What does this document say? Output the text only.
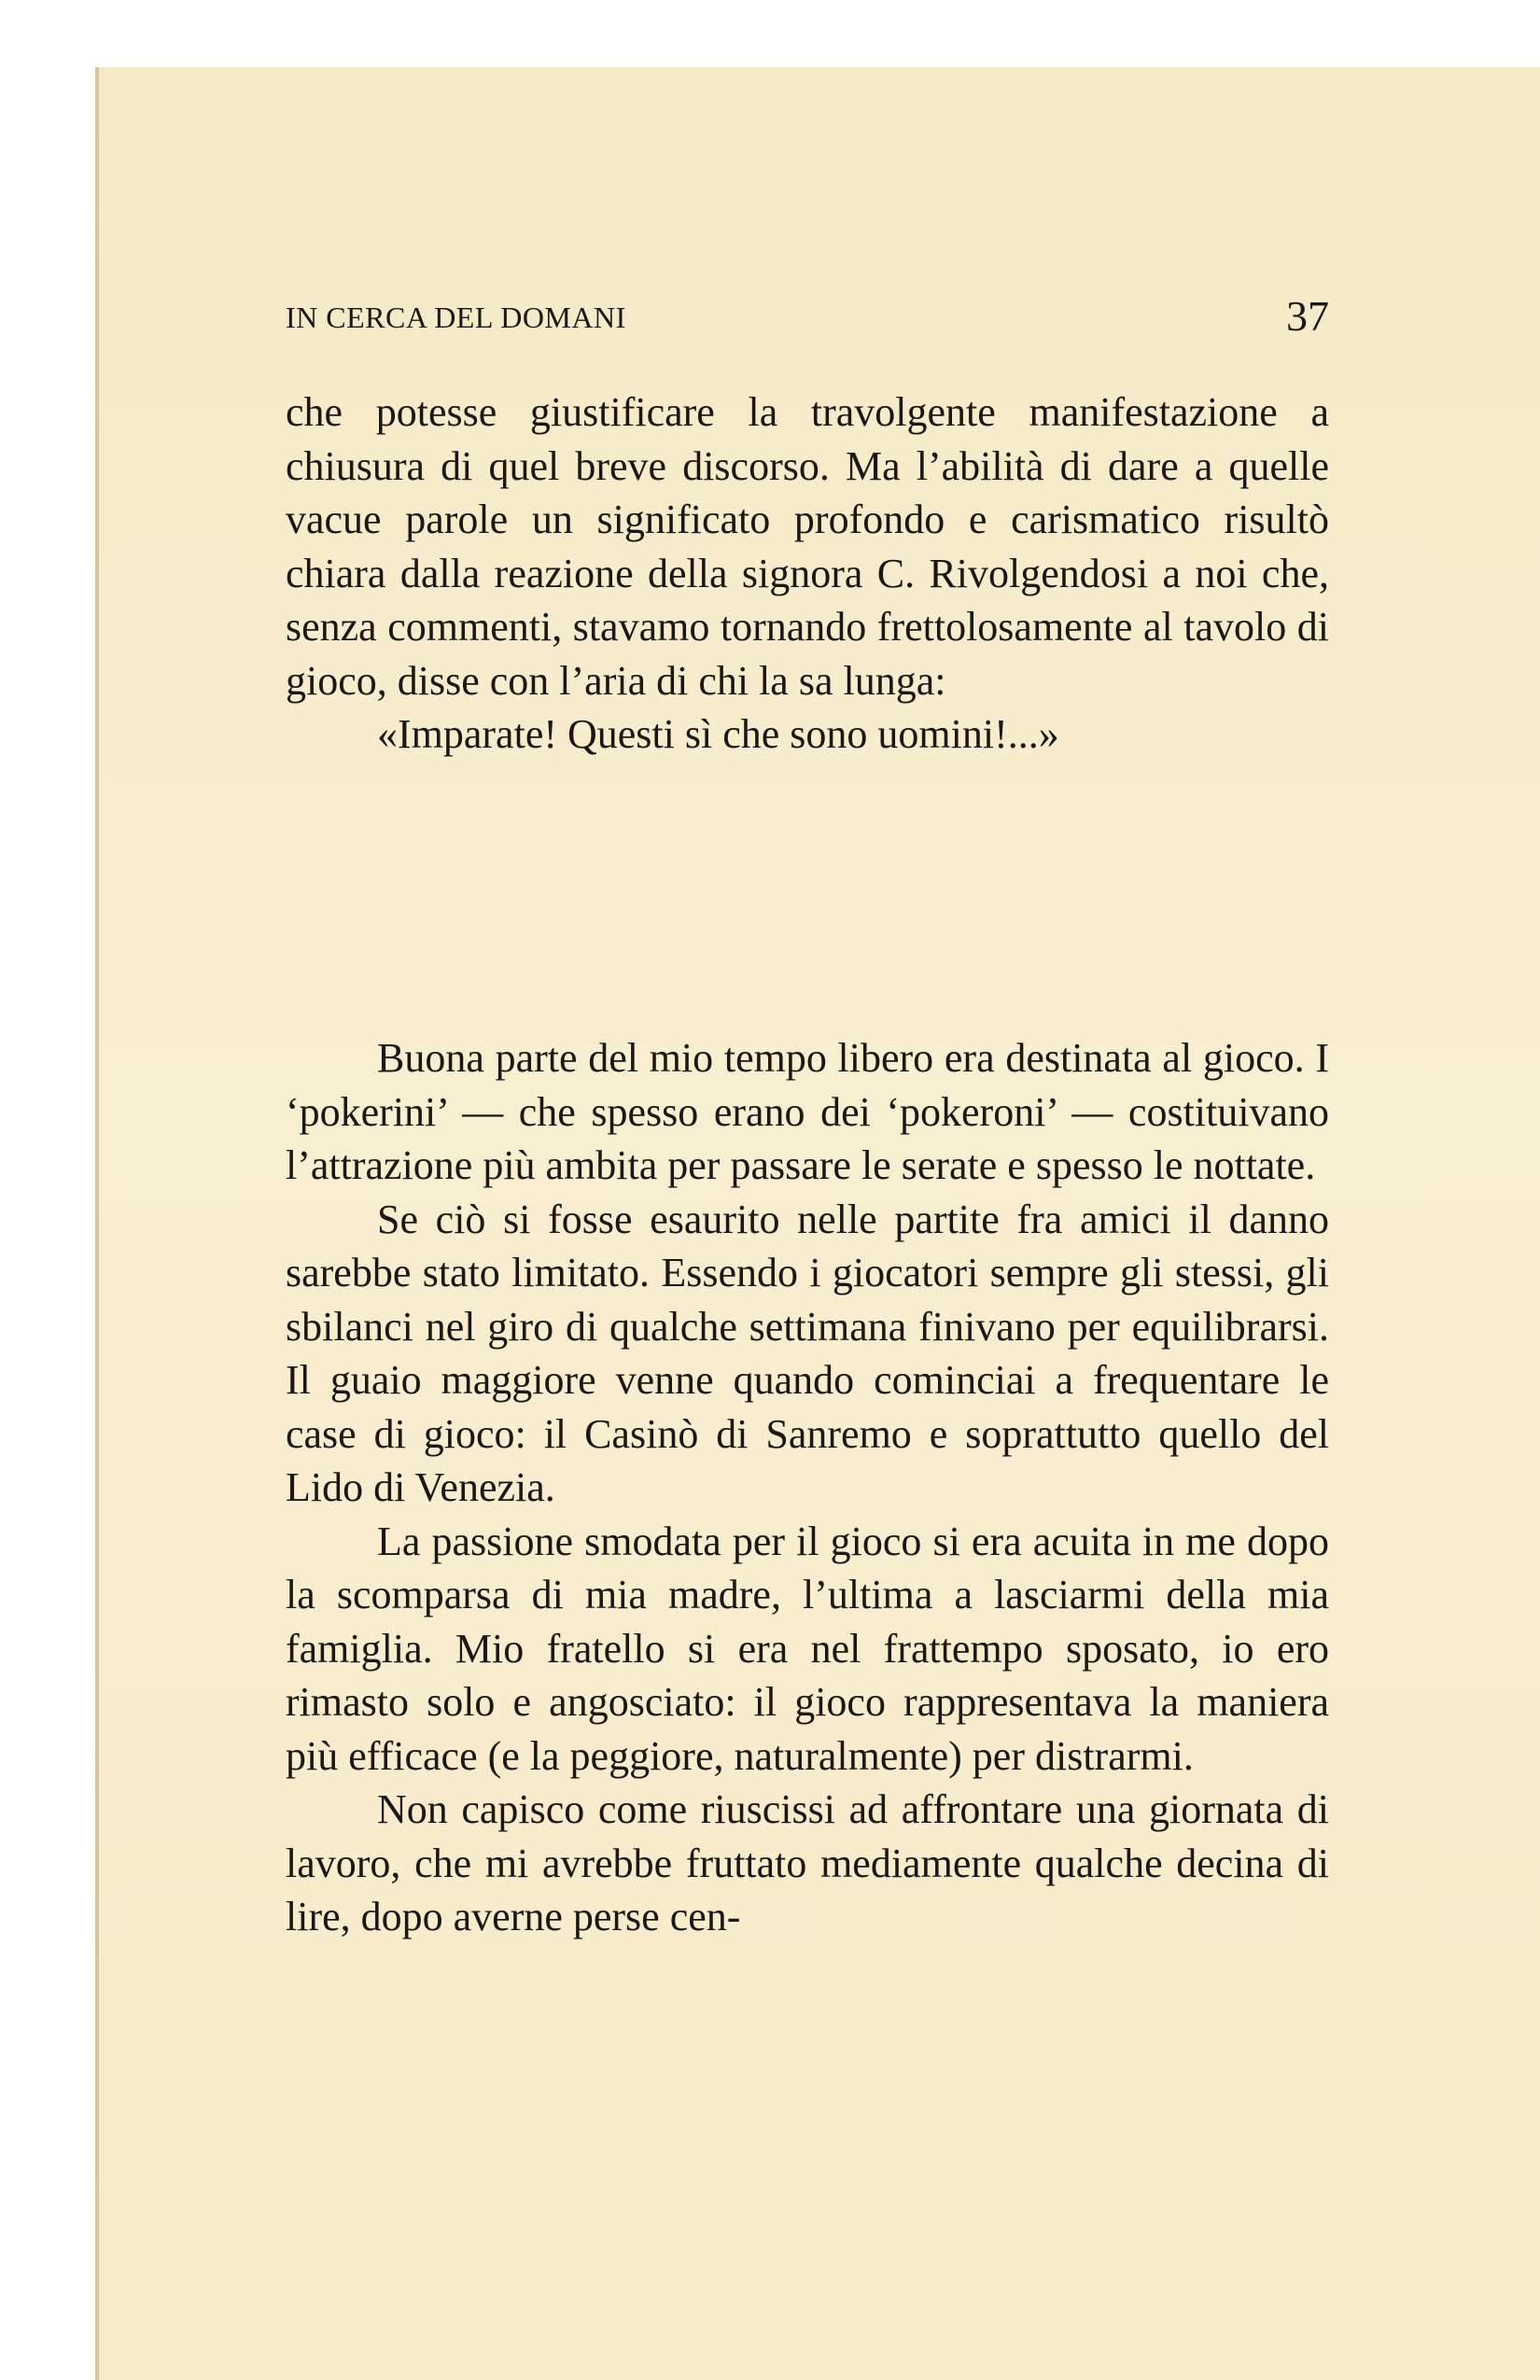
IN CERCA DEL DOMANI	37

che potesse giustificare la travolgente manifestazione a chiusura di quel breve discorso. Ma l’abilità di dare a quelle vacue parole un significato profondo e carismatico risultò chiara dalla reazione della signora C. Rivolgendosi a noi che, senza commenti, stavamo tornando frettolosamente al tavolo di gioco, disse con l’aria di chi la sa lunga:

«Imparate! Questi sì che sono uomini!...»

Buona parte del mio tempo libero era destinata al gioco. I ‘pokerini’ — che spesso erano dei ‘pokeroni’ — costituivano l’attrazione più ambita per passare le serate e spesso le nottate.

Se ciò si fosse esaurito nelle partite fra amici il danno sarebbe stato limitato. Essendo i giocatori sempre gli stessi, gli sbilanci nel giro di qualche settimana finivano per equilibrarsi. Il guaio maggiore venne quando cominciai a frequentare le case di gioco: il Casinò di Sanremo e soprattutto quello del Lido di Venezia.

La passione smodata per il gioco si era acuita in me dopo la scomparsa di mia madre, l’ultima a lasciarmi della mia famiglia. Mio fratello si era nel frattempo sposato, io ero rimasto solo e angosciato: il gioco rappresentava la maniera più efficace (e la peggiore, naturalmente) per distrarmi.

Non capisco come riuscissi ad affrontare una giornata di lavoro, che mi avrebbe fruttato mediamente qualche decina di lire, dopo averne perse cen-
